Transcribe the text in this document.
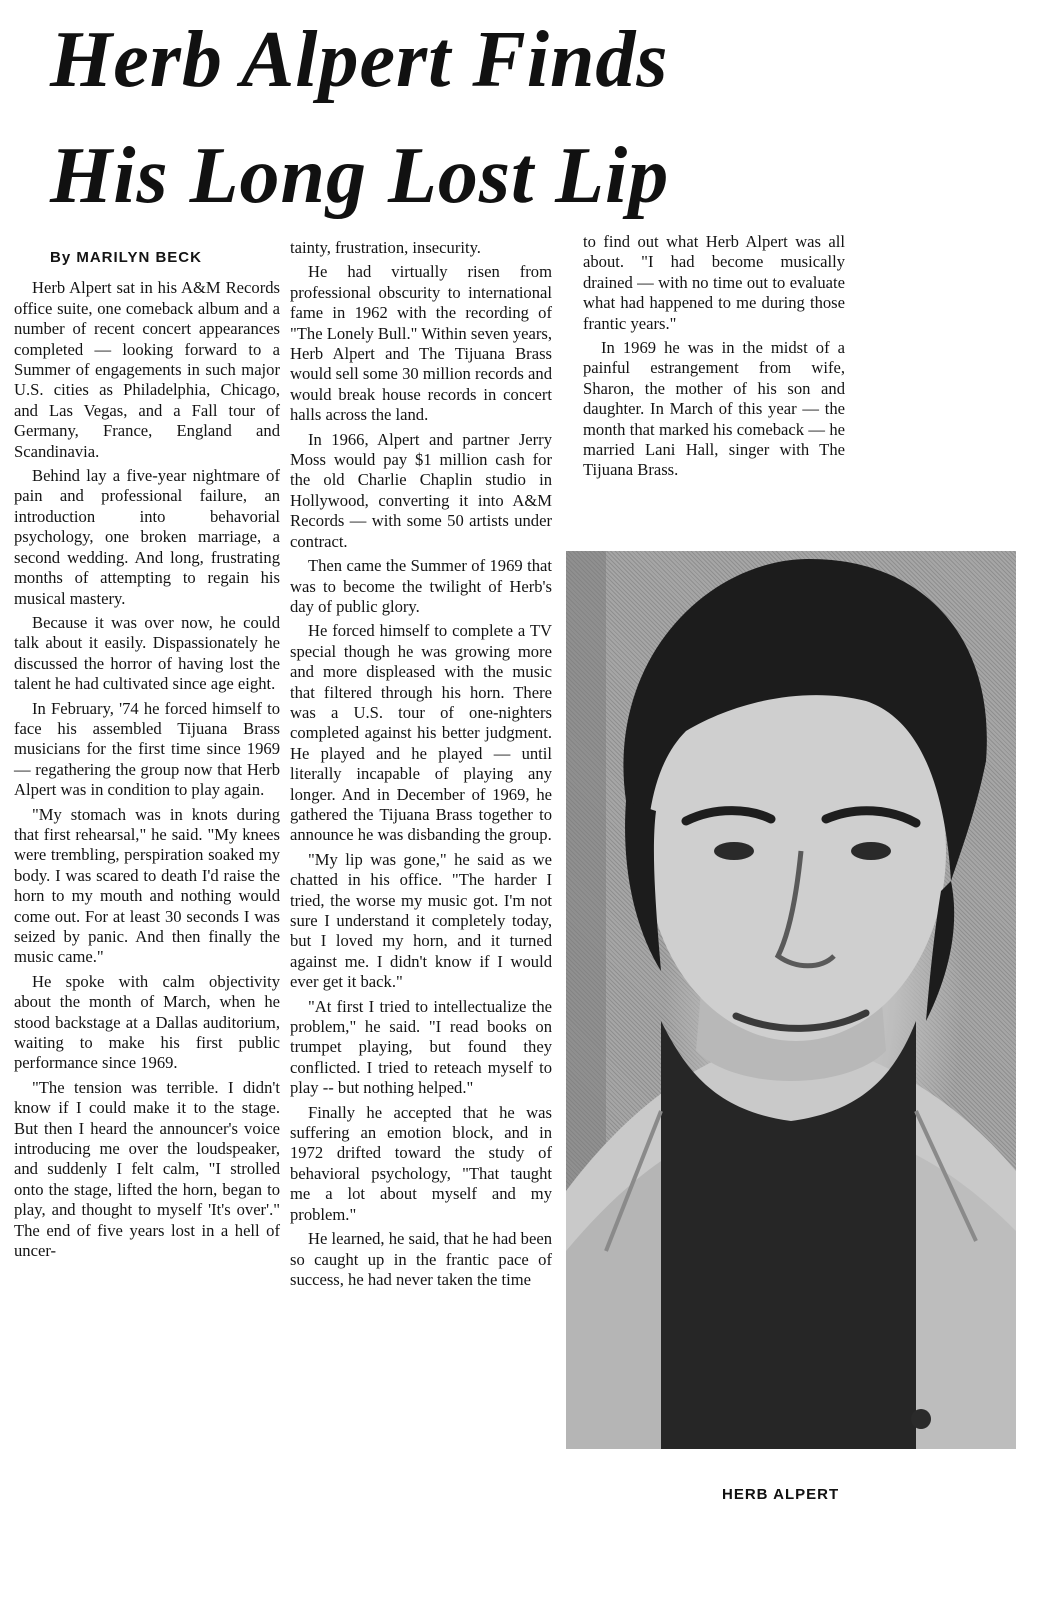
Herb Alpert Finds
His Long Lost Lip
By MARILYN BECK

Herb Alpert sat in his A&M Records office suite, one comeback album and a number of recent concert appearances completed — looking forward to a Summer of engagements in such major U.S. cities as Philadelphia, Chicago, and Las Vegas, and a Fall tour of Germany, France, England and Scandinavia.

Behind lay a five-year nightmare of pain and professional failure, an introduction into behavorial psychology, one broken marriage, a second wedding. And long, frustrating months of attempting to regain his musical mastery.

Because it was over now, he could talk about it easily. Dispassionately he discussed the horror of having lost the talent he had cultivated since age eight.

In February, '74 he forced himself to face his assembled Tijuana Brass musicians for the first time since 1969 — regathering the group now that Herb Alpert was in condition to play again.

"My stomach was in knots during that first rehearsal," he said. "My knees were trembling, perspiration soaked my body. I was scared to death I'd raise the horn to my mouth and nothing would come out. For at least 30 seconds I was seized by panic. And then finally the music came."

He spoke with calm objectivity about the month of March, when he stood backstage at a Dallas auditorium, waiting to make his first public performance since 1969.

"The tension was terrible. I didn't know if I could make it to the stage. But then I heard the announcer's voice introducing me over the loudspeaker, and suddenly I felt calm, "I strolled onto the stage, lifted the horn, began to play, and thought to myself 'It's over'." The end of five years lost in a hell of uncer-

tainty, frustration, insecurity.

He had virtually risen from professional obscurity to international fame in 1962 with the recording of "The Lonely Bull." Within seven years, Herb Alpert and The Tijuana Brass would sell some 30 million records and would break house records in concert halls across the land.

In 1966, Alpert and partner Jerry Moss would pay $1 million cash for the old Charlie Chaplin studio in Hollywood, converting it into A&M Records — with some 50 artists under contract.

Then came the Summer of 1969 that was to become the twilight of Herb's day of public glory.

He forced himself to complete a TV special though he was growing more and more displeased with the music that filtered through his horn. There was a U.S. tour of one-nighters completed against his better judgment. He played and he played — until literally incapable of playing any longer. And in December of 1969, he gathered the Tijuana Brass together to announce he was disbanding the group.

"My lip was gone," he said as we chatted in his office. "The harder I tried, the worse my music got. I'm not sure I understand it completely today, but I loved my horn, and it turned against me. I didn't know if I would ever get it back."

"At first I tried to intellectualize the problem," he said. "I read books on trumpet playing, but found they conflicted. I tried to reteach myself to play -- but nothing helped."

Finally he accepted that he was suffering an emotion block, and in 1972 drifted toward the study of behavioral psychology, "That taught me a lot about myself and my problem."

He learned, he said, that he had been so caught up in the frantic pace of success, he had never taken the time

to find out what Herb Alpert was all about. "I had become musically drained — with no time out to evaluate what had happened to me during those frantic years."

In 1969 he was in the midst of a painful estrangement from wife, Sharon, the mother of his son and daughter. In March of this year — the month that marked his comeback — he married Lani Hall, singer with The Tijuana Brass.

HERB ALPERT
